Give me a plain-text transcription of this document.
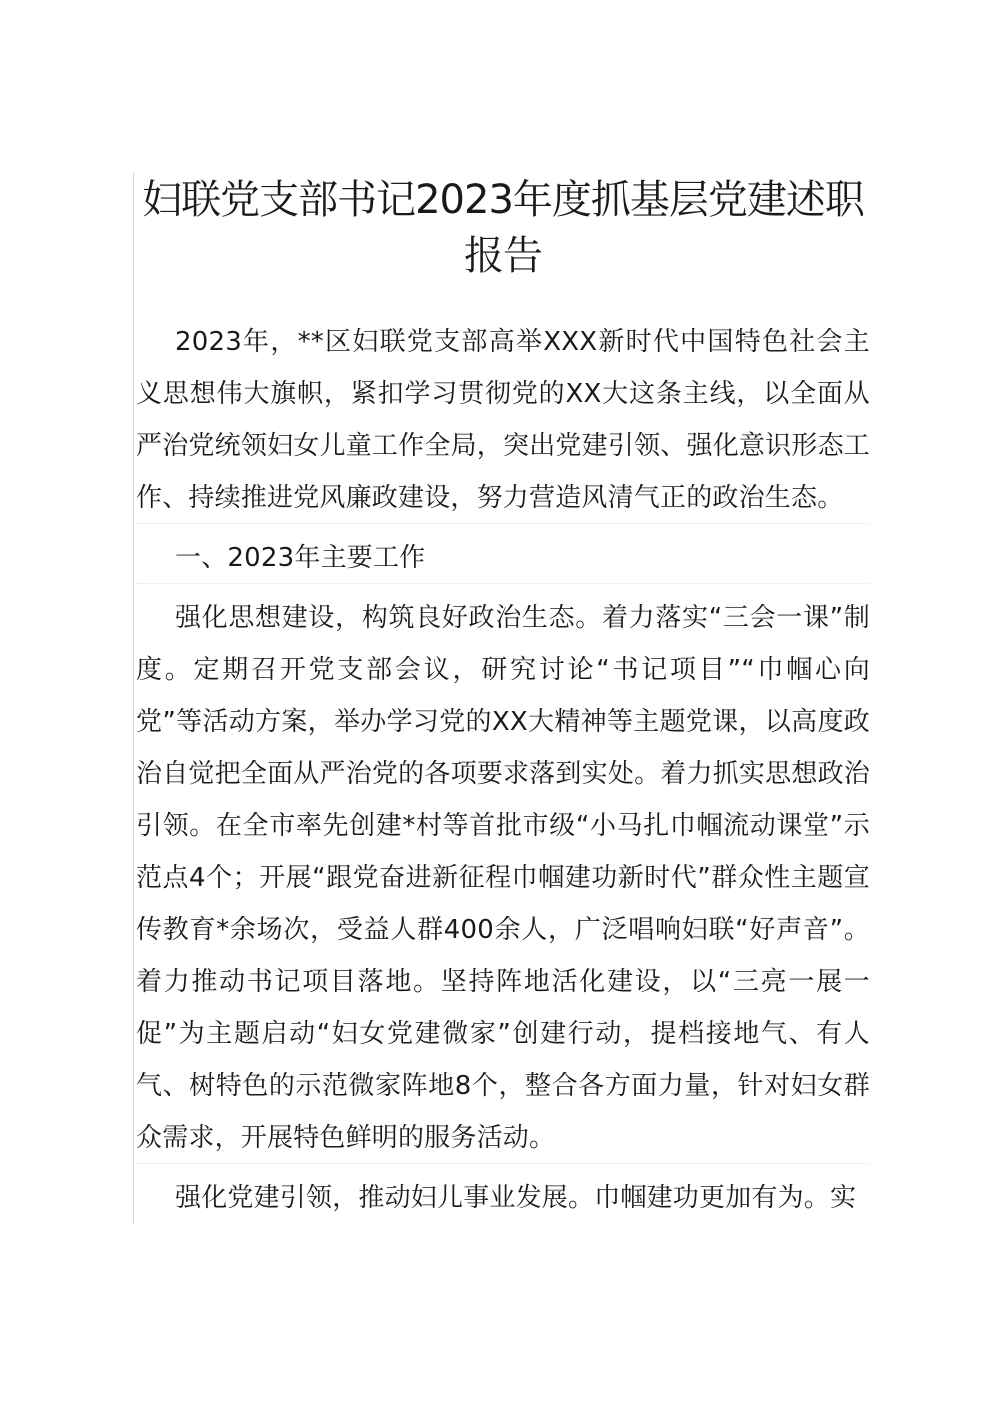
妇联党支部书记2023年度抓基层党建述职报告

2023年，**区妇联党支部高举XXX新时代中国特色社会主义思想伟大旗帜，紧扣学习贯彻党的XX大这条主线，以全面从严治党统领妇女儿童工作全局，突出党建引领、强化意识形态工作、持续推进党风廉政建设，努力营造风清气正的政治生态。

一、2023年主要工作

强化思想建设，构筑良好政治生态。着力落实“三会一课”制度。定期召开党支部会议，研究讨论“书记项目”“巾帼心向党”等活动方案，举办学习党的XX大精神等主题党课，以高度政治自觉把全面从严治党的各项要求落到实处。着力抓实思想政治引领。在全市率先创建*村等首批市级“小马扎巾帼流动课堂”示范点4个；开展“跟党奋进新征程巾帼建功新时代”群众性主题宣传教育*余场次，受益人群400余人，广泛唱响妇联“好声音”。着力推动书记项目落地。坚持阵地活化建设，以“三亮一展一促”为主题启动“妇女党建微家”创建行动，提档接地气、有人气、树特色的示范微家阵地8个，整合各方面力量，针对妇女群众需求，开展特色鲜明的服务活动。

强化党建引领，推动妇儿事业发展。巾帼建功更加有为。实
